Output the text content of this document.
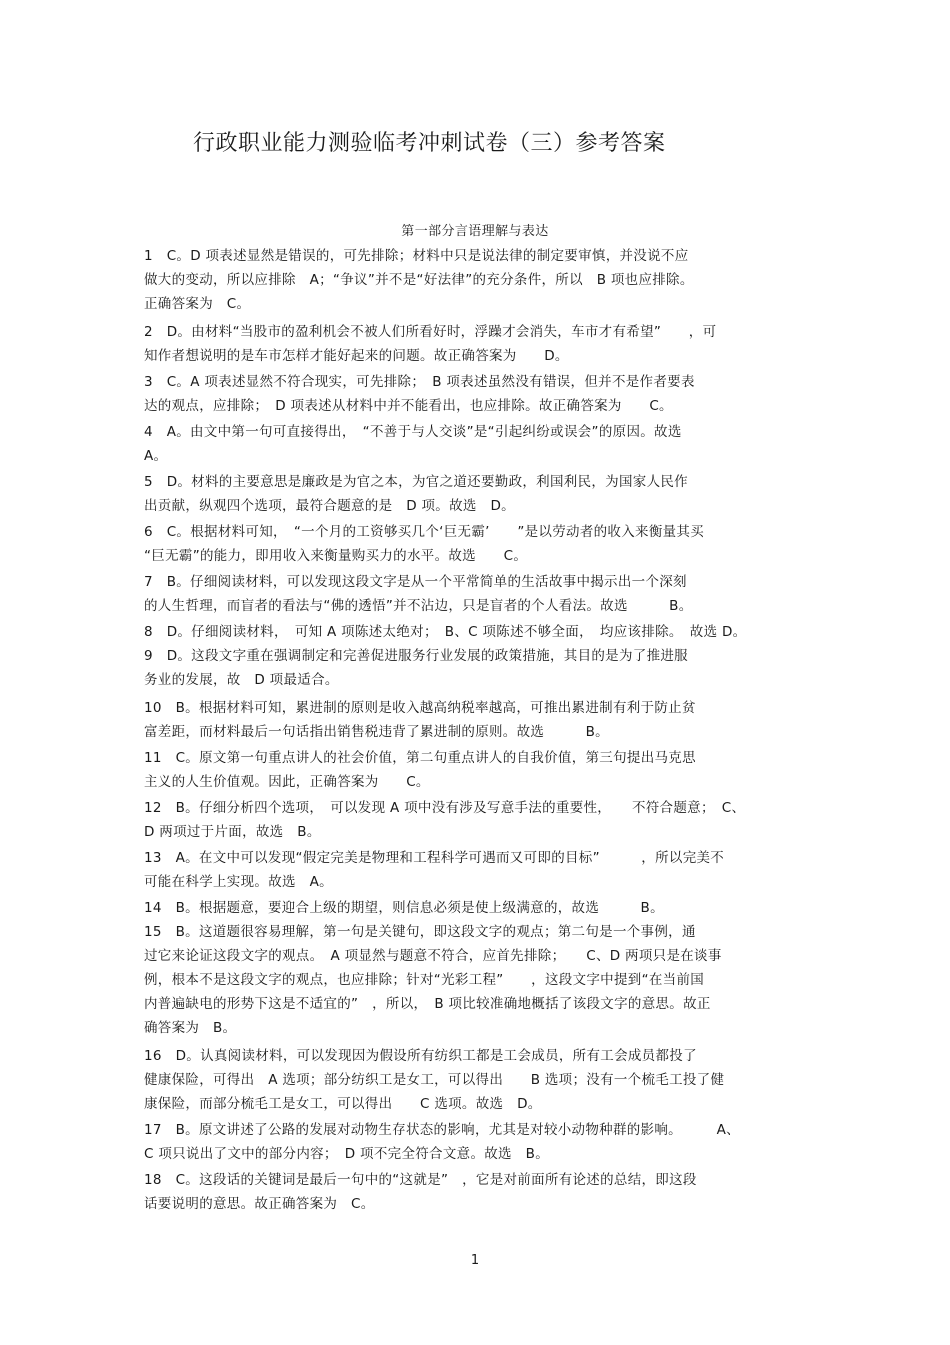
行政职业能力测验临考冲刺试卷（三）参考答案
第一部分言语理解与表达
1　C。D 项表述显然是错误的，可先排除；材料中只是说法律的制定要审慎，并没说不应
做大的变动，所以应排除　A；“争议”并不是“好法律”的充分条件，所以　B 项也应排除。
正确答案为　C。
2　D。由材料“当股市的盈利机会不被人们所看好时，浮躁才会消失，车市才有希望”　　，可
知作者想说明的是车市怎样才能好起来的问题。故正确答案为　　D。
3　C。A 项表述显然不符合现实，可先排除；　B 项表述虽然没有错误，但并不是作者要表
达的观点，应排除；　D 项表述从材料中并不能看出，也应排除。故正确答案为　　C。
4　A。由文中第一句可直接得出，　“不善于与人交谈”是“引起纠纷或误会”的原因。故选
A。
5　D。材料的主要意思是廉政是为官之本，为官之道还要勤政，利国利民，为国家人民作
出贡献，纵观四个选项，最符合题意的是　D 项。故选　D。
6　C。根据材料可知，　“一个月的工资够买几个‘巨无霸’　　”是以劳动者的收入来衡量其买
“巨无霸”的能力，即用收入来衡量购买力的水平。故选　　C。
7　B。仔细阅读材料，可以发现这段文字是从一个平常简单的生活故事中揭示出一个深刻
的人生哲理，而盲者的看法与“佛的透悟”并不沾边，只是盲者的个人看法。故选　　　B。
8　D。仔细阅读材料，　可知 A 项陈述太绝对；　B、C 项陈述不够全面，　均应该排除。　故选 D。
9　D。这段文字重在强调制定和完善促进服务行业发展的政策措施，其目的是为了推进服
务业的发展，故　D 项最适合。
10　B。根据材料可知，累进制的原则是收入越高纳税率越高，可推出累进制有利于防止贫
富差距，而材料最后一句话指出销售税违背了累进制的原则。故选　　　B。
11　C。原文第一句重点讲人的社会价值，第二句重点讲人的自我价值，第三句提出马克思
主义的人生价值观。因此，正确答案为　　C。
12　B。仔细分析四个选项，　可以发现 A 项中没有涉及写意手法的重要性，　　不符合题意；　C、
D 两项过于片面，故选　B。
13　A。在文中可以发现“假定完美是物理和工程科学可遇而又可即的目标”　　　，所以完美不
可能在科学上实现。故选　A。
14　B。根据题意，要迎合上级的期望，则信息必须是使上级满意的，故选　　　B。
15　B。这道题很容易理解，第一句是关键句，即这段文字的观点；第二句是一个事例，通
过它来论证这段文字的观点。　A 项显然与题意不符合，应首先排除；　　C、D 两项只是在谈事
例，根本不是这段文字的观点，也应排除；针对“光彩工程”　　，这段文字中提到“在当前国
内普遍缺电的形势下这是不适宜的”　，所以，　B 项比较准确地概括了该段文字的意思。故正
确答案为　B。
16　D。认真阅读材料，可以发现因为假设所有纺织工都是工会成员，所有工会成员都投了
健康保险，可得出　A 选项；部分纺织工是女工，可以得出　　B 选项；没有一个梳毛工投了健
康保险，而部分梳毛工是女工，可以得出　　C 选项。故选　D。
17　B。原文讲述了公路的发展对动物生存状态的影响，尤其是对较小动物种群的影响。　　　A、
C 项只说出了文中的部分内容；　D 项不完全符合文意。故选　B。
18　C。这段话的关键词是最后一句中的“这就是”　，它是对前面所有论述的总结，即这段
话要说明的意思。故正确答案为　C。
1
